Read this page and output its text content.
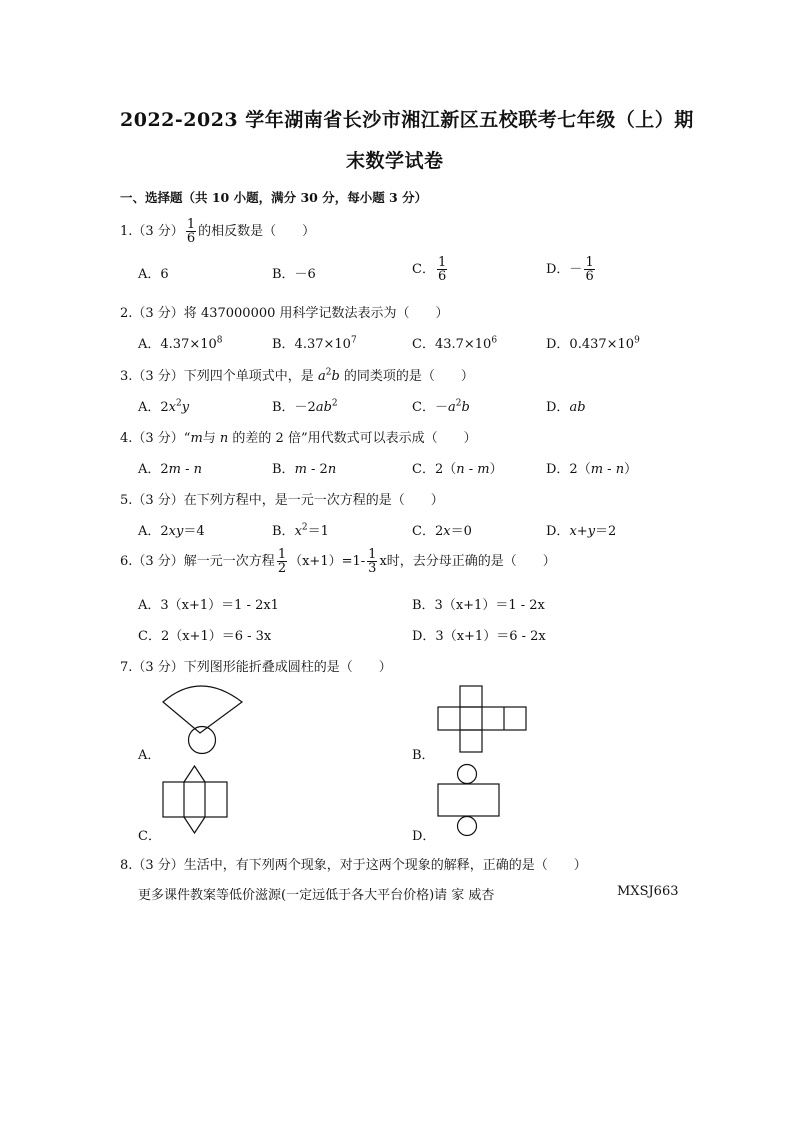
2022-2023 学年湖南省长沙市湘江新区五校联考七年级（上）期
末数学试卷
一、选择题（共 10 小题，满分 30 分，每小题 3 分）
1.（3 分） $\frac{1}{6}$ 的相反数是（　　）
A．6	B．－6	C． $\frac{1}{6}$	D．－ $\frac{1}{6}$
2.（3 分）将 437000000 用科学记数法表示为（　　）
A．$4.37\times 10^8$	B．$4.37\times 10^7$	C．$43.7\times 10^6$	D．$0.437\times 10^9$
3.（3 分）下列四个单项式中，是 $a^2b$ 的同类项的是（　　）
A．$2x^2y$	B．$-2ab^2$	C．$-a^2b$	D．ab
4.（3 分）“m与 n 的差的 2 倍”用代数式可以表示成（　　）
A．2m - n	B．m - 2n	C．2（n - m）	D．2（m - n）
5.（3 分）在下列方程中，是一元一次方程的是（　　）
A．2xy＝4	B．$x^2=1$	C．2x＝0	D．x+y＝2
6.（3 分）解一元一次方程 $\frac{1}{2} (x+1)=1- \frac{1}{3}$ x时，去分母正确的是（　　）
A．3（x+1）＝1 - 2x1	B．3（x+1）＝1 - 2x
C．2（x+1）＝6 - 3x	D．3（x+1）＝6 - 2x
7.（3 分）下列图形能折叠成圆柱的是（　　）
A．	B．
C．	D．
8.（3 分）生活中，有下列两个现象，对于这两个现象的解释，正确的是（　　）
更多课件教案等低价滋源(一定远低于各大平台价格)请 家 威杏	MXSJ663
